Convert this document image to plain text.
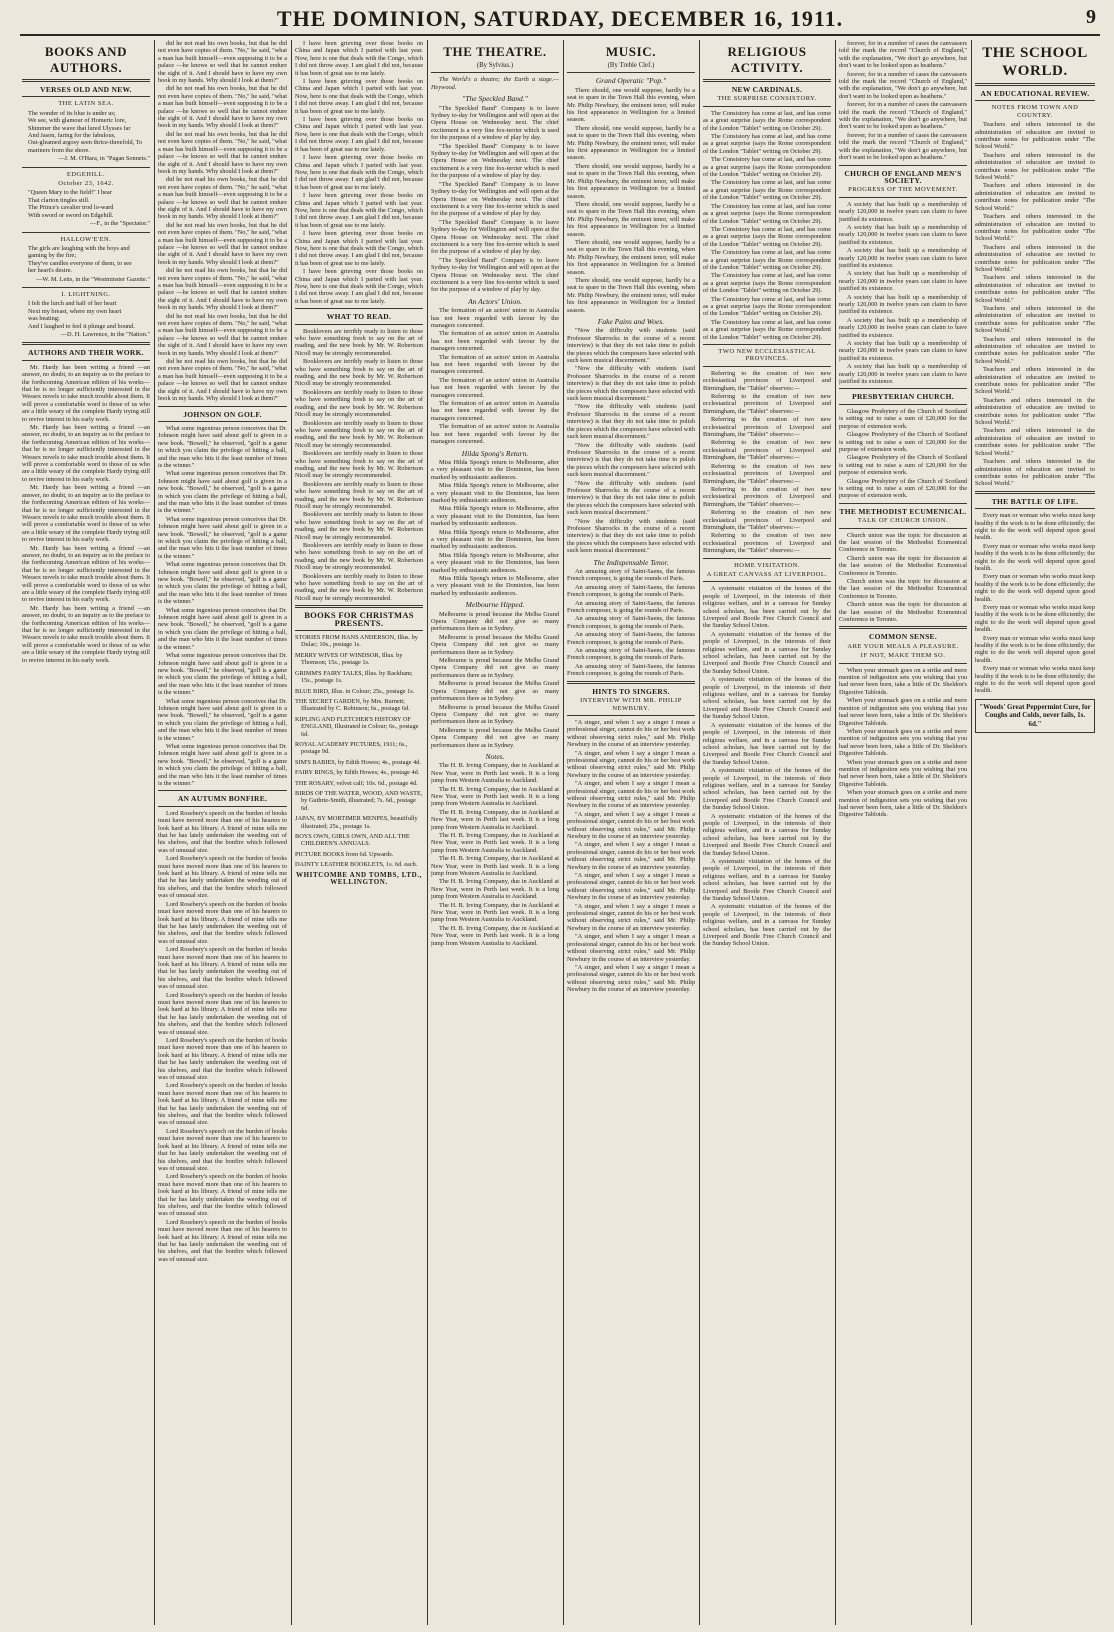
THE DOMINION, SATURDAY, DECEMBER 16, 1911.	9
BOOKS AND AUTHORS.
VERSES OLD AND NEW.
THE LATIN SEA.

The wonder of its blue is under us;

We see, with glamour of Homeric lore,

Shimmer the wave that lured Ulysses far

And Jason, faring for the fabulous,

Out-gleamed argosy seen thrice-threefold, To mariners from the shore.

—J. M. O'Hara, in "Pagan Sonnets."
EDGEHILL.
October 23, 1642.

"Queen Mary to the field!" I hear

That clarion tingles still.

The Prince's cavalier trod lo-ward

With sword or sword on Edgehill.

—F., in the "Spectator."
HALLOW'E'EN.

The girls are laughing with the boys and

gaming by the fire;

They've candles everyone of them, to see

her heart's desire.

—W. M. Letts, in the "Westminster Gazette."
I. LIGHTNING.

I felt the lurch and half of her heart

Next my breast, where my own heart

was beating;

And I laughed to feel it plunge and bound.

—D. H. Lawrence, in the "Nation."
AUTHORS AND THEIR WORK.

Mr. Hardy has been writing a friend —an answer, no doubt, to an inquiry as to the preface to the forthcoming American edition of his works—that he is no longer sufficiently interested in the Wessex novels to take much trouble about them. It will prove a comfortable word to those of us who are a little weary of the complete Hardy trying still to revive interest in his early work.

Mr. Hardy has been writing a friend —an answer, no doubt, to an inquiry as to the preface to the forthcoming American edition of his works—that he is no longer sufficiently interested in the Wessex novels to take much trouble about them. It will prove a comfortable word to those of us who are a little weary of the complete Hardy trying still to revive interest in his early work.

Mr. Hardy has been writing a friend —an answer, no doubt, to an inquiry as to the preface to the forthcoming American edition of his works—that he is no longer sufficiently interested in the Wessex novels to take much trouble about them. It will prove a comfortable word to those of us who are a little weary of the complete Hardy trying still to revive interest in his early work.

Mr. Hardy has been writing a friend —an answer, no doubt, to an inquiry as to the preface to the forthcoming American edition of his works—that he is no longer sufficiently interested in the Wessex novels to take much trouble about them. It will prove a comfortable word to those of us who are a little weary of the complete Hardy trying still to revive interest in his early work.

Mr. Hardy has been writing a friend —an answer, no doubt, to an inquiry as to the preface to the forthcoming American edition of his works—that he is no longer sufficiently interested in the Wessex novels to take much trouble about them. It will prove a comfortable word to those of us who are a little weary of the complete Hardy trying still to revive interest in his early work.

did he not read his own books, but that he did not even have copies of them. "No," he said, "what a man has built himself—even supposing it to be a palace —he knows so well that he cannot endure the sight of it. And I should have to have my own book in my hands. Why should I look at them?"

did he not read his own books, but that he did not even have copies of them. "No," he said, "what a man has built himself—even supposing it to be a palace —he knows so well that he cannot endure the sight of it. And I should have to have my own book in my hands. Why should I look at them?"

did he not read his own books, but that he did not even have copies of them. "No," he said, "what a man has built himself—even supposing it to be a palace —he knows so well that he cannot endure the sight of it. And I should have to have my own book in my hands. Why should I look at them?"

did he not read his own books, but that he did not even have copies of them. "No," he said, "what a man has built himself—even supposing it to be a palace —he knows so well that he cannot endure the sight of it. And I should have to have my own book in my hands. Why should I look at them?"

did he not read his own books, but that he did not even have copies of them. "No," he said, "what a man has built himself—even supposing it to be a palace —he knows so well that he cannot endure the sight of it. And I should have to have my own book in my hands. Why should I look at them?"

did he not read his own books, but that he did not even have copies of them. "No," he said, "what a man has built himself—even supposing it to be a palace —he knows so well that he cannot endure the sight of it. And I should have to have my own book in my hands. Why should I look at them?"

did he not read his own books, but that he did not even have copies of them. "No," he said, "what a man has built himself—even supposing it to be a palace —he knows so well that he cannot endure the sight of it. And I should have to have my own book in my hands. Why should I look at them?"

did he not read his own books, but that he did not even have copies of them. "No," he said, "what a man has built himself—even supposing it to be a palace —he knows so well that he cannot endure the sight of it. And I should have to have my own book in my hands. Why should I look at them?"

JOHNSON ON GOLF.

What some ingenious person conceives that Dr. Johnson might have said about golf is given in a new book. "Bowell," he observed, "golf is a game in which you claim the privilege of hitting a ball, and the man who hits it the least number of times is the winner."

What some ingenious person conceives that Dr. Johnson might have said about golf is given in a new book. "Bowell," he observed, "golf is a game in which you claim the privilege of hitting a ball, and the man who hits it the least number of times is the winner."

What some ingenious person conceives that Dr. Johnson might have said about golf is given in a new book. "Bowell," he observed, "golf is a game in which you claim the privilege of hitting a ball, and the man who hits it the least number of times is the winner."

What some ingenious person conceives that Dr. Johnson might have said about golf is given in a new book. "Bowell," he observed, "golf is a game in which you claim the privilege of hitting a ball, and the man who hits it the least number of times is the winner."

What some ingenious person conceives that Dr. Johnson might have said about golf is given in a new book. "Bowell," he observed, "golf is a game in which you claim the privilege of hitting a ball, and the man who hits it the least number of times is the winner."

What some ingenious person conceives that Dr. Johnson might have said about golf is given in a new book. "Bowell," he observed, "golf is a game in which you claim the privilege of hitting a ball, and the man who hits it the least number of times is the winner."

What some ingenious person conceives that Dr. Johnson might have said about golf is given in a new book. "Bowell," he observed, "golf is a game in which you claim the privilege of hitting a ball, and the man who hits it the least number of times is the winner."

What some ingenious person conceives that Dr. Johnson might have said about golf is given in a new book. "Bowell," he observed, "golf is a game in which you claim the privilege of hitting a ball, and the man who hits it the least number of times is the winner."

AN AUTUMN BONFIRE.

Lord Rosebery's speech on the burden of books must have moved more than one of his hearers to look hard at his library. A friend of mine tells me that he has lately undertaken the weeding out of his shelves, and that the bonfire which followed was of unusual size.

Lord Rosebery's speech on the burden of books must have moved more than one of his hearers to look hard at his library. A friend of mine tells me that he has lately undertaken the weeding out of his shelves, and that the bonfire which followed was of unusual size.

Lord Rosebery's speech on the burden of books must have moved more than one of his hearers to look hard at his library. A friend of mine tells me that he has lately undertaken the weeding out of his shelves, and that the bonfire which followed was of unusual size.

Lord Rosebery's speech on the burden of books must have moved more than one of his hearers to look hard at his library. A friend of mine tells me that he has lately undertaken the weeding out of his shelves, and that the bonfire which followed was of unusual size.

Lord Rosebery's speech on the burden of books must have moved more than one of his hearers to look hard at his library. A friend of mine tells me that he has lately undertaken the weeding out of his shelves, and that the bonfire which followed was of unusual size.

Lord Rosebery's speech on the burden of books must have moved more than one of his hearers to look hard at his library. A friend of mine tells me that he has lately undertaken the weeding out of his shelves, and that the bonfire which followed was of unusual size.

Lord Rosebery's speech on the burden of books must have moved more than one of his hearers to look hard at his library. A friend of mine tells me that he has lately undertaken the weeding out of his shelves, and that the bonfire which followed was of unusual size.

Lord Rosebery's speech on the burden of books must have moved more than one of his hearers to look hard at his library. A friend of mine tells me that he has lately undertaken the weeding out of his shelves, and that the bonfire which followed was of unusual size.

Lord Rosebery's speech on the burden of books must have moved more than one of his hearers to look hard at his library. A friend of mine tells me that he has lately undertaken the weeding out of his shelves, and that the bonfire which followed was of unusual size.

Lord Rosebery's speech on the burden of books must have moved more than one of his hearers to look hard at his library. A friend of mine tells me that he has lately undertaken the weeding out of his shelves, and that the bonfire which followed was of unusual size.

I have been grieving over those books on China and Japan which I parted with last year. Now, here is one that deals with the Congo, which I did not throw away. I am glad I did not, because it has been of great use to me lately.

I have been grieving over those books on China and Japan which I parted with last year. Now, here is one that deals with the Congo, which I did not throw away. I am glad I did not, because it has been of great use to me lately.

I have been grieving over those books on China and Japan which I parted with last year. Now, here is one that deals with the Congo, which I did not throw away. I am glad I did not, because it has been of great use to me lately.

I have been grieving over those books on China and Japan which I parted with last year. Now, here is one that deals with the Congo, which I did not throw away. I am glad I did not, because it has been of great use to me lately.

I have been grieving over those books on China and Japan which I parted with last year. Now, here is one that deals with the Congo, which I did not throw away. I am glad I did not, because it has been of great use to me lately.

I have been grieving over those books on China and Japan which I parted with last year. Now, here is one that deals with the Congo, which I did not throw away. I am glad I did not, because it has been of great use to me lately.

I have been grieving over those books on China and Japan which I parted with last year. Now, here is one that deals with the Congo, which I did not throw away. I am glad I did not, because it has been of great use to me lately.

WHAT TO READ.

Booklovers are terribly ready to listen to those who have something fresh to say on the art of reading, and the new book by Mr. W. Robertson Nicoll may be strongly recommended.

Booklovers are terribly ready to listen to those who have something fresh to say on the art of reading, and the new book by Mr. W. Robertson Nicoll may be strongly recommended.

Booklovers are terribly ready to listen to those who have something fresh to say on the art of reading, and the new book by Mr. W. Robertson Nicoll may be strongly recommended.

Booklovers are terribly ready to listen to those who have something fresh to say on the art of reading, and the new book by Mr. W. Robertson Nicoll may be strongly recommended.

Booklovers are terribly ready to listen to those who have something fresh to say on the art of reading, and the new book by Mr. W. Robertson Nicoll may be strongly recommended.

Booklovers are terribly ready to listen to those who have something fresh to say on the art of reading, and the new book by Mr. W. Robertson Nicoll may be strongly recommended.

Booklovers are terribly ready to listen to those who have something fresh to say on the art of reading, and the new book by Mr. W. Robertson Nicoll may be strongly recommended.

Booklovers are terribly ready to listen to those who have something fresh to say on the art of reading, and the new book by Mr. W. Robertson Nicoll may be strongly recommended.

Booklovers are terribly ready to listen to those who have something fresh to say on the art of reading, and the new book by Mr. W. Robertson Nicoll may be strongly recommended.

BOOKS FOR CHRISTMAS PRESENTS.

STORIES FROM HANS ANDERSON, Illus. by Dulac; 10s., postage 1s.

MERRY WIVES OF WINDSOR, Illus. by Thomson; 15s., postage 1s.

GRIMM'S FAIRY TALES, Illus. by Rackham; 15s., postage 1s.

BLUE BIRD, Illus. in Colour; 25s., postage 1s.

THE SECRET GARDEN, by Mrs. Burnett; Illustrated by C. Robinson; 6s., postage 6d.

KIPLING AND FLETCHER'S HISTORY OF ENGLAND, Illustrated in Colour; 6s., postage 6d.

ROYAL ACADEMY PICTURES, 1911; 6s., postage 9d.

SIM'S BABIES, by Edith Howes; 4s., postage 4d.

FAIRY RINGS, by Edith Howes; 4s., postage 4d.

THE ROSARY, velvet calf; 10s. 6d., postage 4d.

BIRDS OF THE WATER, WOOD, AND WASTE, by Guthrie-Smith, illustrated; 7s. 6d., postage 6d.

JAPAN, BY MORTIMER MENPES, beautifully illustrated; 25s., postage 1s.

BOYS OWN, GIRLS OWN, AND ALL THE CHILDREN'S ANNUALS.

PICTURE BOOKS from 6d. Upwards.

DAINTY LEATHER BOOKLETS, 1s. 6d. each.

WHITCOMBE AND TOMBS, LTD., WELLINGTON.
THE THEATRE.
(By Sylvius.)

The World's a theatre; the Earth a stage.—Heywood.

"The Speckled Band."

"The Speckled Band" Company is to leave Sydney to-day for Wellington and will open at the Opera House on Wednesday next. The chief excitement is a very fine fox-terrier which is used for the purpose of a window of play by day.

"The Speckled Band" Company is to leave Sydney to-day for Wellington and will open at the Opera House on Wednesday next. The chief excitement is a very fine fox-terrier which is used for the purpose of a window of play by day.

"The Speckled Band" Company is to leave Sydney to-day for Wellington and will open at the Opera House on Wednesday next. The chief excitement is a very fine fox-terrier which is used for the purpose of a window of play by day.

"The Speckled Band" Company is to leave Sydney to-day for Wellington and will open at the Opera House on Wednesday next. The chief excitement is a very fine fox-terrier which is used for the purpose of a window of play by day.

"The Speckled Band" Company is to leave Sydney to-day for Wellington and will open at the Opera House on Wednesday next. The chief excitement is a very fine fox-terrier which is used for the purpose of a window of play by day.

An Actors' Union.

The formation of an actors' union in Australia has not been regarded with favour by the managers concerned.

The formation of an actors' union in Australia has not been regarded with favour by the managers concerned.

The formation of an actors' union in Australia has not been regarded with favour by the managers concerned.

The formation of an actors' union in Australia has not been regarded with favour by the managers concerned.

The formation of an actors' union in Australia has not been regarded with favour by the managers concerned.

The formation of an actors' union in Australia has not been regarded with favour by the managers concerned.

Hilda Spong's Return.

Miss Hilda Spong's return to Melbourne, after a very pleasant visit to the Dominion, has been marked by enthusiastic audiences.

Miss Hilda Spong's return to Melbourne, after a very pleasant visit to the Dominion, has been marked by enthusiastic audiences.

Miss Hilda Spong's return to Melbourne, after a very pleasant visit to the Dominion, has been marked by enthusiastic audiences.

Miss Hilda Spong's return to Melbourne, after a very pleasant visit to the Dominion, has been marked by enthusiastic audiences.

Miss Hilda Spong's return to Melbourne, after a very pleasant visit to the Dominion, has been marked by enthusiastic audiences.

Miss Hilda Spong's return to Melbourne, after a very pleasant visit to the Dominion, has been marked by enthusiastic audiences.

Melbourne Hipped.

Melbourne is proud because the Melba Grand Opera Company did not give so many performances there as in Sydney.

Melbourne is proud because the Melba Grand Opera Company did not give so many performances there as in Sydney.

Melbourne is proud because the Melba Grand Opera Company did not give so many performances there as in Sydney.

Melbourne is proud because the Melba Grand Opera Company did not give so many performances there as in Sydney.

Melbourne is proud because the Melba Grand Opera Company did not give so many performances there as in Sydney.

Melbourne is proud because the Melba Grand Opera Company did not give so many performances there as in Sydney.

Notes.

The H. B. Irving Company, due in Auckland at New Year, were in Perth last week. It is a long jump from Western Australia to Auckland.

The H. B. Irving Company, due in Auckland at New Year, were in Perth last week. It is a long jump from Western Australia to Auckland.

The H. B. Irving Company, due in Auckland at New Year, were in Perth last week. It is a long jump from Western Australia to Auckland.

The H. B. Irving Company, due in Auckland at New Year, were in Perth last week. It is a long jump from Western Australia to Auckland.

The H. B. Irving Company, due in Auckland at New Year, were in Perth last week. It is a long jump from Western Australia to Auckland.

The H. B. Irving Company, due in Auckland at New Year, were in Perth last week. It is a long jump from Western Australia to Auckland.

The H. B. Irving Company, due in Auckland at New Year, were in Perth last week. It is a long jump from Western Australia to Auckland.

The H. B. Irving Company, due in Auckland at New Year, were in Perth last week. It is a long jump from Western Australia to Auckland.

MUSIC.
(By Treble Clef.)
Grand Operatic "Pop."

There should, one would suppose, hardly be a seat to spare in the Town Hall this evening, when Mr. Philip Newbury, the eminent tenor, will make his first appearance in Wellington for a limited season.

There should, one would suppose, hardly be a seat to spare in the Town Hall this evening, when Mr. Philip Newbury, the eminent tenor, will make his first appearance in Wellington for a limited season.

There should, one would suppose, hardly be a seat to spare in the Town Hall this evening, when Mr. Philip Newbury, the eminent tenor, will make his first appearance in Wellington for a limited season.

There should, one would suppose, hardly be a seat to spare in the Town Hall this evening, when Mr. Philip Newbury, the eminent tenor, will make his first appearance in Wellington for a limited season.

There should, one would suppose, hardly be a seat to spare in the Town Hall this evening, when Mr. Philip Newbury, the eminent tenor, will make his first appearance in Wellington for a limited season.

There should, one would suppose, hardly be a seat to spare in the Town Hall this evening, when Mr. Philip Newbury, the eminent tenor, will make his first appearance in Wellington for a limited season.

Fake Pains and Woes.

"Now the difficulty with students (said Professor Sharrocks in the course of a recent interview) is that they do not take time to polish the pieces which the composers have selected with such keen musical discernment."

"Now the difficulty with students (said Professor Sharrocks in the course of a recent interview) is that they do not take time to polish the pieces which the composers have selected with such keen musical discernment."

"Now the difficulty with students (said Professor Sharrocks in the course of a recent interview) is that they do not take time to polish the pieces which the composers have selected with such keen musical discernment."

"Now the difficulty with students (said Professor Sharrocks in the course of a recent interview) is that they do not take time to polish the pieces which the composers have selected with such keen musical discernment."

"Now the difficulty with students (said Professor Sharrocks in the course of a recent interview) is that they do not take time to polish the pieces which the composers have selected with such keen musical discernment."

"Now the difficulty with students (said Professor Sharrocks in the course of a recent interview) is that they do not take time to polish the pieces which the composers have selected with such keen musical discernment."

The Indispensable Tenor.

An amusing story of Saint-Saens, the famous French composer, is going the rounds of Paris.

An amusing story of Saint-Saens, the famous French composer, is going the rounds of Paris.

An amusing story of Saint-Saens, the famous French composer, is going the rounds of Paris.

An amusing story of Saint-Saens, the famous French composer, is going the rounds of Paris.

An amusing story of Saint-Saens, the famous French composer, is going the rounds of Paris.

An amusing story of Saint-Saens, the famous French composer, is going the rounds of Paris.

An amusing story of Saint-Saens, the famous French composer, is going the rounds of Paris.

HINTS TO SINGERS.
INTERVIEW WITH MR. PHILIP NEWBURY.

"A singer, and when I say a singer I mean a professional singer, cannot do his or her best work without observing strict rules," said Mr. Philip Newbury in the course of an interview yesterday.

"A singer, and when I say a singer I mean a professional singer, cannot do his or her best work without observing strict rules," said Mr. Philip Newbury in the course of an interview yesterday.

"A singer, and when I say a singer I mean a professional singer, cannot do his or her best work without observing strict rules," said Mr. Philip Newbury in the course of an interview yesterday.

"A singer, and when I say a singer I mean a professional singer, cannot do his or her best work without observing strict rules," said Mr. Philip Newbury in the course of an interview yesterday.

"A singer, and when I say a singer I mean a professional singer, cannot do his or her best work without observing strict rules," said Mr. Philip Newbury in the course of an interview yesterday.

"A singer, and when I say a singer I mean a professional singer, cannot do his or her best work without observing strict rules," said Mr. Philip Newbury in the course of an interview yesterday.

"A singer, and when I say a singer I mean a professional singer, cannot do his or her best work without observing strict rules," said Mr. Philip Newbury in the course of an interview yesterday.

"A singer, and when I say a singer I mean a professional singer, cannot do his or her best work without observing strict rules," said Mr. Philip Newbury in the course of an interview yesterday.

"A singer, and when I say a singer I mean a professional singer, cannot do his or her best work without observing strict rules," said Mr. Philip Newbury in the course of an interview yesterday.

RELIGIOUS ACTIVITY.
NEW CARDINALS.
THE SURPRISE CONSISTORY.

The Consistory has come at last, and has come as a great surprise (says the Rome correspondent of the London "Tablet" writing on October 29).

The Consistory has come at last, and has come as a great surprise (says the Rome correspondent of the London "Tablet" writing on October 29).

The Consistory has come at last, and has come as a great surprise (says the Rome correspondent of the London "Tablet" writing on October 29).

The Consistory has come at last, and has come as a great surprise (says the Rome correspondent of the London "Tablet" writing on October 29).

The Consistory has come at last, and has come as a great surprise (says the Rome correspondent of the London "Tablet" writing on October 29).

The Consistory has come at last, and has come as a great surprise (says the Rome correspondent of the London "Tablet" writing on October 29).

The Consistory has come at last, and has come as a great surprise (says the Rome correspondent of the London "Tablet" writing on October 29).

The Consistory has come at last, and has come as a great surprise (says the Rome correspondent of the London "Tablet" writing on October 29).

The Consistory has come at last, and has come as a great surprise (says the Rome correspondent of the London "Tablet" writing on October 29).

The Consistory has come at last, and has come as a great surprise (says the Rome correspondent of the London "Tablet" writing on October 29).

TWO NEW ECCLESIASTICAL PROVINCES.

Referring to the creation of two new ecclesiastical provinces of Liverpool and Birmingham, the "Tablet" observes:—

Referring to the creation of two new ecclesiastical provinces of Liverpool and Birmingham, the "Tablet" observes:—

Referring to the creation of two new ecclesiastical provinces of Liverpool and Birmingham, the "Tablet" observes:—

Referring to the creation of two new ecclesiastical provinces of Liverpool and Birmingham, the "Tablet" observes:—

Referring to the creation of two new ecclesiastical provinces of Liverpool and Birmingham, the "Tablet" observes:—

Referring to the creation of two new ecclesiastical provinces of Liverpool and Birmingham, the "Tablet" observes:—

Referring to the creation of two new ecclesiastical provinces of Liverpool and Birmingham, the "Tablet" observes:—

Referring to the creation of two new ecclesiastical provinces of Liverpool and Birmingham, the "Tablet" observes:—

HOME VISITATION.
A GREAT CANVASS AT LIVERPOOL.

A systematic visitation of the homes of the people of Liverpool, in the interests of their religious welfare, and in a canvass for Sunday school scholars, has been carried out by the Liverpool and Bootle Free Church Council and the Sunday School Union.

A systematic visitation of the homes of the people of Liverpool, in the interests of their religious welfare, and in a canvass for Sunday school scholars, has been carried out by the Liverpool and Bootle Free Church Council and the Sunday School Union.

A systematic visitation of the homes of the people of Liverpool, in the interests of their religious welfare, and in a canvass for Sunday school scholars, has been carried out by the Liverpool and Bootle Free Church Council and the Sunday School Union.

A systematic visitation of the homes of the people of Liverpool, in the interests of their religious welfare, and in a canvass for Sunday school scholars, has been carried out by the Liverpool and Bootle Free Church Council and the Sunday School Union.

A systematic visitation of the homes of the people of Liverpool, in the interests of their religious welfare, and in a canvass for Sunday school scholars, has been carried out by the Liverpool and Bootle Free Church Council and the Sunday School Union.

A systematic visitation of the homes of the people of Liverpool, in the interests of their religious welfare, and in a canvass for Sunday school scholars, has been carried out by the Liverpool and Bootle Free Church Council and the Sunday School Union.

A systematic visitation of the homes of the people of Liverpool, in the interests of their religious welfare, and in a canvass for Sunday school scholars, has been carried out by the Liverpool and Bootle Free Church Council and the Sunday School Union.

A systematic visitation of the homes of the people of Liverpool, in the interests of their religious welfare, and in a canvass for Sunday school scholars, has been carried out by the Liverpool and Bootle Free Church Council and the Sunday School Union.

forever, for in a number of cases the canvassers told the mark the record "Church of England," with the explanation, "We don't go anywhere, but don't want to be looked upon as heathens."

forever, for in a number of cases the canvassers told the mark the record "Church of England," with the explanation, "We don't go anywhere, but don't want to be looked upon as heathens."

forever, for in a number of cases the canvassers told the mark the record "Church of England," with the explanation, "We don't go anywhere, but don't want to be looked upon as heathens."

forever, for in a number of cases the canvassers told the mark the record "Church of England," with the explanation, "We don't go anywhere, but don't want to be looked upon as heathens."

CHURCH OF ENGLAND MEN'S SOCIETY.
PROGRESS OF THE MOVEMENT.

A society that has built up a membership of nearly 120,000 in twelve years can claim to have justified its existence.

A society that has built up a membership of nearly 120,000 in twelve years can claim to have justified its existence.

A society that has built up a membership of nearly 120,000 in twelve years can claim to have justified its existence.

A society that has built up a membership of nearly 120,000 in twelve years can claim to have justified its existence.

A society that has built up a membership of nearly 120,000 in twelve years can claim to have justified its existence.

A society that has built up a membership of nearly 120,000 in twelve years can claim to have justified its existence.

A society that has built up a membership of nearly 120,000 in twelve years can claim to have justified its existence.

A society that has built up a membership of nearly 120,000 in twelve years can claim to have justified its existence.

PRESBYTERIAN CHURCH.

Glasgow Presbytery of the Church of Scotland is setting out to raise a sum of £20,000 for the purpose of extension work.

Glasgow Presbytery of the Church of Scotland is setting out to raise a sum of £20,000 for the purpose of extension work.

Glasgow Presbytery of the Church of Scotland is setting out to raise a sum of £20,000 for the purpose of extension work.

Glasgow Presbytery of the Church of Scotland is setting out to raise a sum of £20,000 for the purpose of extension work.

THE METHODIST ECUMENICAL.
TALK OF CHURCH UNION.

Church union was the topic for discussion at the last session of the Methodist Ecumenical Conference in Toronto.

Church union was the topic for discussion at the last session of the Methodist Ecumenical Conference in Toronto.

Church union was the topic for discussion at the last session of the Methodist Ecumenical Conference in Toronto.

Church union was the topic for discussion at the last session of the Methodist Ecumenical Conference in Toronto.

COMMON SENSE.
ARE YOUR MEALS A PLEASURE.
IF NOT, MAKE THEM SO.

When your stomach goes on a strike and mere mention of indigestion sets you wishing that you had never been born, take a little of Dr. Sheldon's Digestive Tabloids.

When your stomach goes on a strike and mere mention of indigestion sets you wishing that you had never been born, take a little of Dr. Sheldon's Digestive Tabloids.

When your stomach goes on a strike and mere mention of indigestion sets you wishing that you had never been born, take a little of Dr. Sheldon's Digestive Tabloids.

When your stomach goes on a strike and mere mention of indigestion sets you wishing that you had never been born, take a little of Dr. Sheldon's Digestive Tabloids.

When your stomach goes on a strike and mere mention of indigestion sets you wishing that you had never been born, take a little of Dr. Sheldon's Digestive Tabloids.

THE SCHOOL WORLD.
AN EDUCATIONAL REVIEW.
NOTES FROM TOWN AND COUNTRY.

Teachers and others interested in the administration of education are invited to contribute notes for publication under "The School World."

Teachers and others interested in the administration of education are invited to contribute notes for publication under "The School World."

Teachers and others interested in the administration of education are invited to contribute notes for publication under "The School World."

Teachers and others interested in the administration of education are invited to contribute notes for publication under "The School World."

Teachers and others interested in the administration of education are invited to contribute notes for publication under "The School World."

Teachers and others interested in the administration of education are invited to contribute notes for publication under "The School World."

Teachers and others interested in the administration of education are invited to contribute notes for publication under "The School World."

Teachers and others interested in the administration of education are invited to contribute notes for publication under "The School World."

Teachers and others interested in the administration of education are invited to contribute notes for publication under "The School World."

Teachers and others interested in the administration of education are invited to contribute notes for publication under "The School World."

Teachers and others interested in the administration of education are invited to contribute notes for publication under "The School World."

Teachers and others interested in the administration of education are invited to contribute notes for publication under "The School World."

THE BATTLE OF LIFE.

Every man or woman who works must keep healthy if the work is to be done efficiently; the night to do the work will depend upon good health.

Every man or woman who works must keep healthy if the work is to be done efficiently; the night to do the work will depend upon good health.

Every man or woman who works must keep healthy if the work is to be done efficiently; the night to do the work will depend upon good health.

Every man or woman who works must keep healthy if the work is to be done efficiently; the night to do the work will depend upon good health.

Every man or woman who works must keep healthy if the work is to be done efficiently; the night to do the work will depend upon good health.

Every man or woman who works must keep healthy if the work is to be done efficiently; the night to do the work will depend upon good health.

"Woods' Great Peppermint Cure, for Coughs and Colds, never fails, 1s. 6d."
